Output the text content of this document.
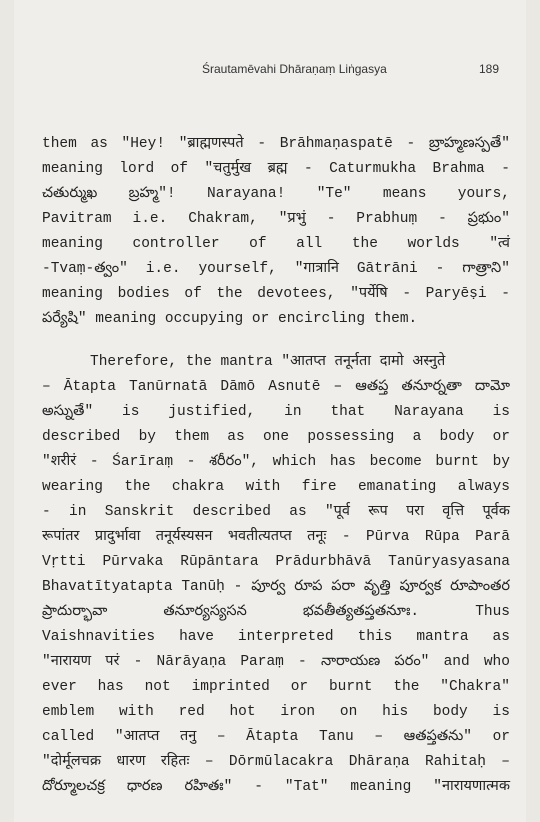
Śrautamēvahi Dhāraṇaṃ Liṅgasya	189
them as "Hey! "ब्राह्मणस्पते - Brāhmaṇaspatē - బ్రాహ్మణస్పతే"
meaning lord of "चतुर्मुख ब्रह्म - Caturmukha Brahma -
చతుర్ముఖ బ్రహ్మ"! Narayana! "Te" means yours,
Pavitram i.e. Chakram, "प्रभुं - Prabhuṃ - ప్రభుం"
meaning controller of all the worlds "त्वं
-Tvaṃ-త్వం" i.e. yourself, "गात्रानि Gātrāni - గాత్రాని"
meaning bodies of the devotees, "पर्येषि - Paryēṣi -
పర్యేషి" meaning occupying or encircling them.
Therefore, the mantra "आतप्त तनूर्नता दामो अस्नुते
– Ātapta Tanūrnatā Dāmō Asnutē – ఆతప్త తనూర్నతా దామో
అస్నుతే" is justified, in that Narayana is
described by them as one possessing a body or
"शरीरं - Śarīraṃ - శరీరం", which has become burnt by
wearing the chakra with fire emanating always
- in Sanskrit described as "पूर्व रूप परा वृत्ति पूर्वक
रूपांतर प्रादुर्भावा तनूर्यस्यसन भवतीत्यतप्त तनूः - Pūrva Rūpa Parā
Vṛtti Pūrvaka Rūpāntara Prādurbhāvā Tanūryasyasana
Bhavatītyatapta Tanūḥ - పూర్వ రూప పరా వృత్తి పూర్వక రూపాంతర
ప్రాదుర్భావా	తనూర్యస్యసన	భవతీత్యతప్తతనూః.	Thus
Vaishnavities have interpreted this mantra as
"नारायण परं - Nārāyaṇa Paraṃ - నారాయణ పరం" and who
ever has not imprinted or burnt the "Chakra"
emblem with red hot iron on his body is
called "आतप्त तनु – Ātapta Tanu – ఆతప్తతను" or
"दोर्मूलचक्र धारण रहितः – Dōrmūlacakra Dhāraṇa Rahitaḥ –
దోర్మూలచక్ర ధారణ రహితః" - "Tat" meaning "नारायणात्मक
